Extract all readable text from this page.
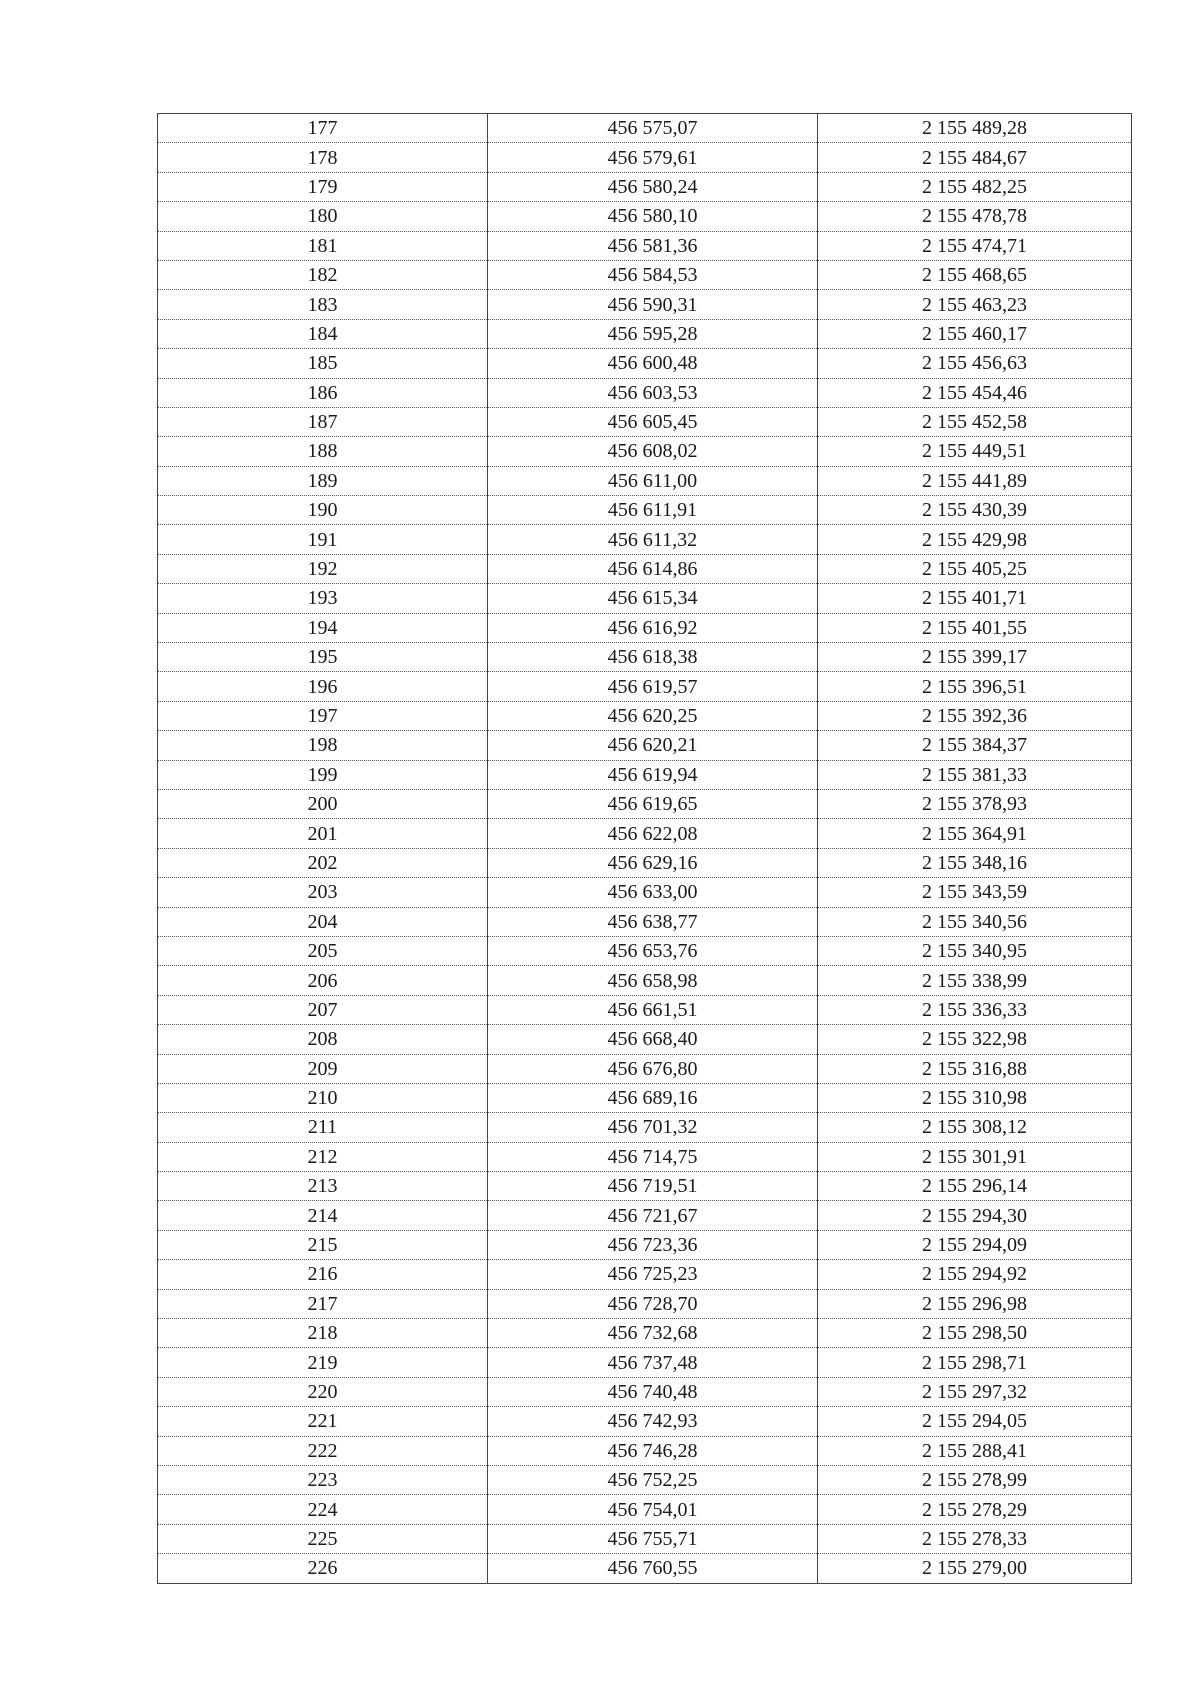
177	456 575,07	2 155 489,28
178	456 579,61	2 155 484,67
179	456 580,24	2 155 482,25
180	456 580,10	2 155 478,78
181	456 581,36	2 155 474,71
182	456 584,53	2 155 468,65
183	456 590,31	2 155 463,23
184	456 595,28	2 155 460,17
185	456 600,48	2 155 456,63
186	456 603,53	2 155 454,46
187	456 605,45	2 155 452,58
188	456 608,02	2 155 449,51
189	456 611,00	2 155 441,89
190	456 611,91	2 155 430,39
191	456 611,32	2 155 429,98
192	456 614,86	2 155 405,25
193	456 615,34	2 155 401,71
194	456 616,92	2 155 401,55
195	456 618,38	2 155 399,17
196	456 619,57	2 155 396,51
197	456 620,25	2 155 392,36
198	456 620,21	2 155 384,37
199	456 619,94	2 155 381,33
200	456 619,65	2 155 378,93
201	456 622,08	2 155 364,91
202	456 629,16	2 155 348,16
203	456 633,00	2 155 343,59
204	456 638,77	2 155 340,56
205	456 653,76	2 155 340,95
206	456 658,98	2 155 338,99
207	456 661,51	2 155 336,33
208	456 668,40	2 155 322,98
209	456 676,80	2 155 316,88
210	456 689,16	2 155 310,98
211	456 701,32	2 155 308,12
212	456 714,75	2 155 301,91
213	456 719,51	2 155 296,14
214	456 721,67	2 155 294,30
215	456 723,36	2 155 294,09
216	456 725,23	2 155 294,92
217	456 728,70	2 155 296,98
218	456 732,68	2 155 298,50
219	456 737,48	2 155 298,71
220	456 740,48	2 155 297,32
221	456 742,93	2 155 294,05
222	456 746,28	2 155 288,41
223	456 752,25	2 155 278,99
224	456 754,01	2 155 278,29
225	456 755,71	2 155 278,33
226	456 760,55	2 155 279,00
